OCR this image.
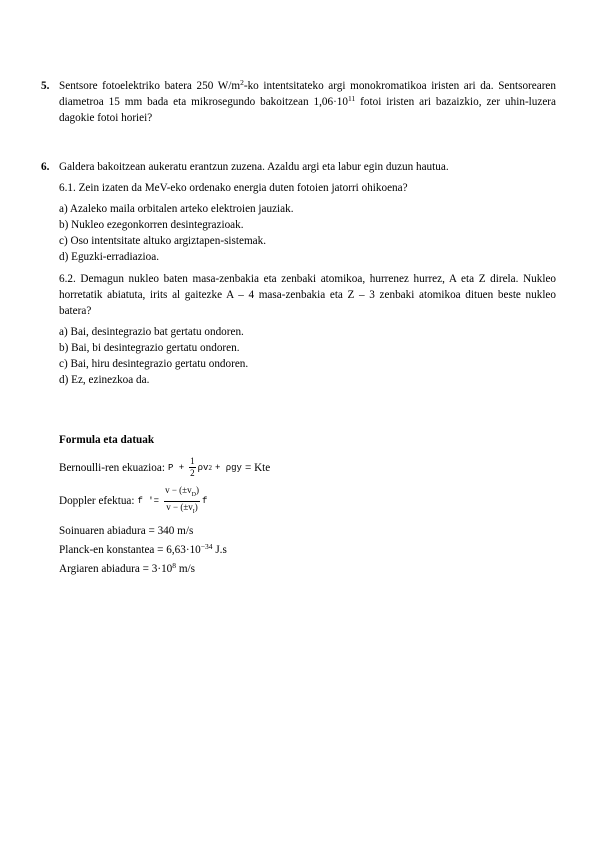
5. Sentsore fotoelektriko batera 250 $W/m^2-ko$ intentsitateko argi monokromatikoa iristen ari da. Sentsorearen diametroa 15 mm bada eta mikrosegundo bakoitzean $1,06\cdot 10^{11}$ fotoi iristen ari bazaizkio, zer uhin-luzera dagokie fotoi horiei?
6. Galdera bakoitzean aukeratu erantzun zuzena. Azaldu argi eta labur egin duzun hautua.

6.1. Zein izaten da MeV-eko ordenako energia duten fotoien jatorri ohikoena?

a) Azaleko maila orbitalen arteko elektroien jauziak.
b) Nukleo ezegonkorren desintegrazioak.
c) Oso intentsitate altuko argiztapen-sistemak.
d) Eguzki-erradiazioa.

6.2. Demagun nukleo baten masa-zenbakia eta zenbaki atomikoa, hurrenez hurrez, A eta Z direla. Nukleo horretatik abiatuta, irits al gaitezke A – 4 masa-zenbakia eta Z – 3 zenbaki atomikoa dituen beste nukleo batera?

a) Bai, desintegrazio bat gertatu ondoren.
b) Bai, bi desintegrazio gertatu ondoren.
c) Bai, hiru desintegrazio gertatu ondoren.
d) Ez, ezinezkoa da.
Formula eta datuak
Bernoulli-ren ekuazioa: $P + \frac{1}{2}$ ρv 2 + ρgy = Kte
Doppler efektua: f '= $\frac{v - (\pm v_D)}{v - (\pm v_I)}$ f
Soinuaren abiadura = 340 m/s
Planck-en konstantea = $6,63\cdot 10^{-34}$ J.s
Argiaren abiadura = $3\cdot 10^8$ m/s
